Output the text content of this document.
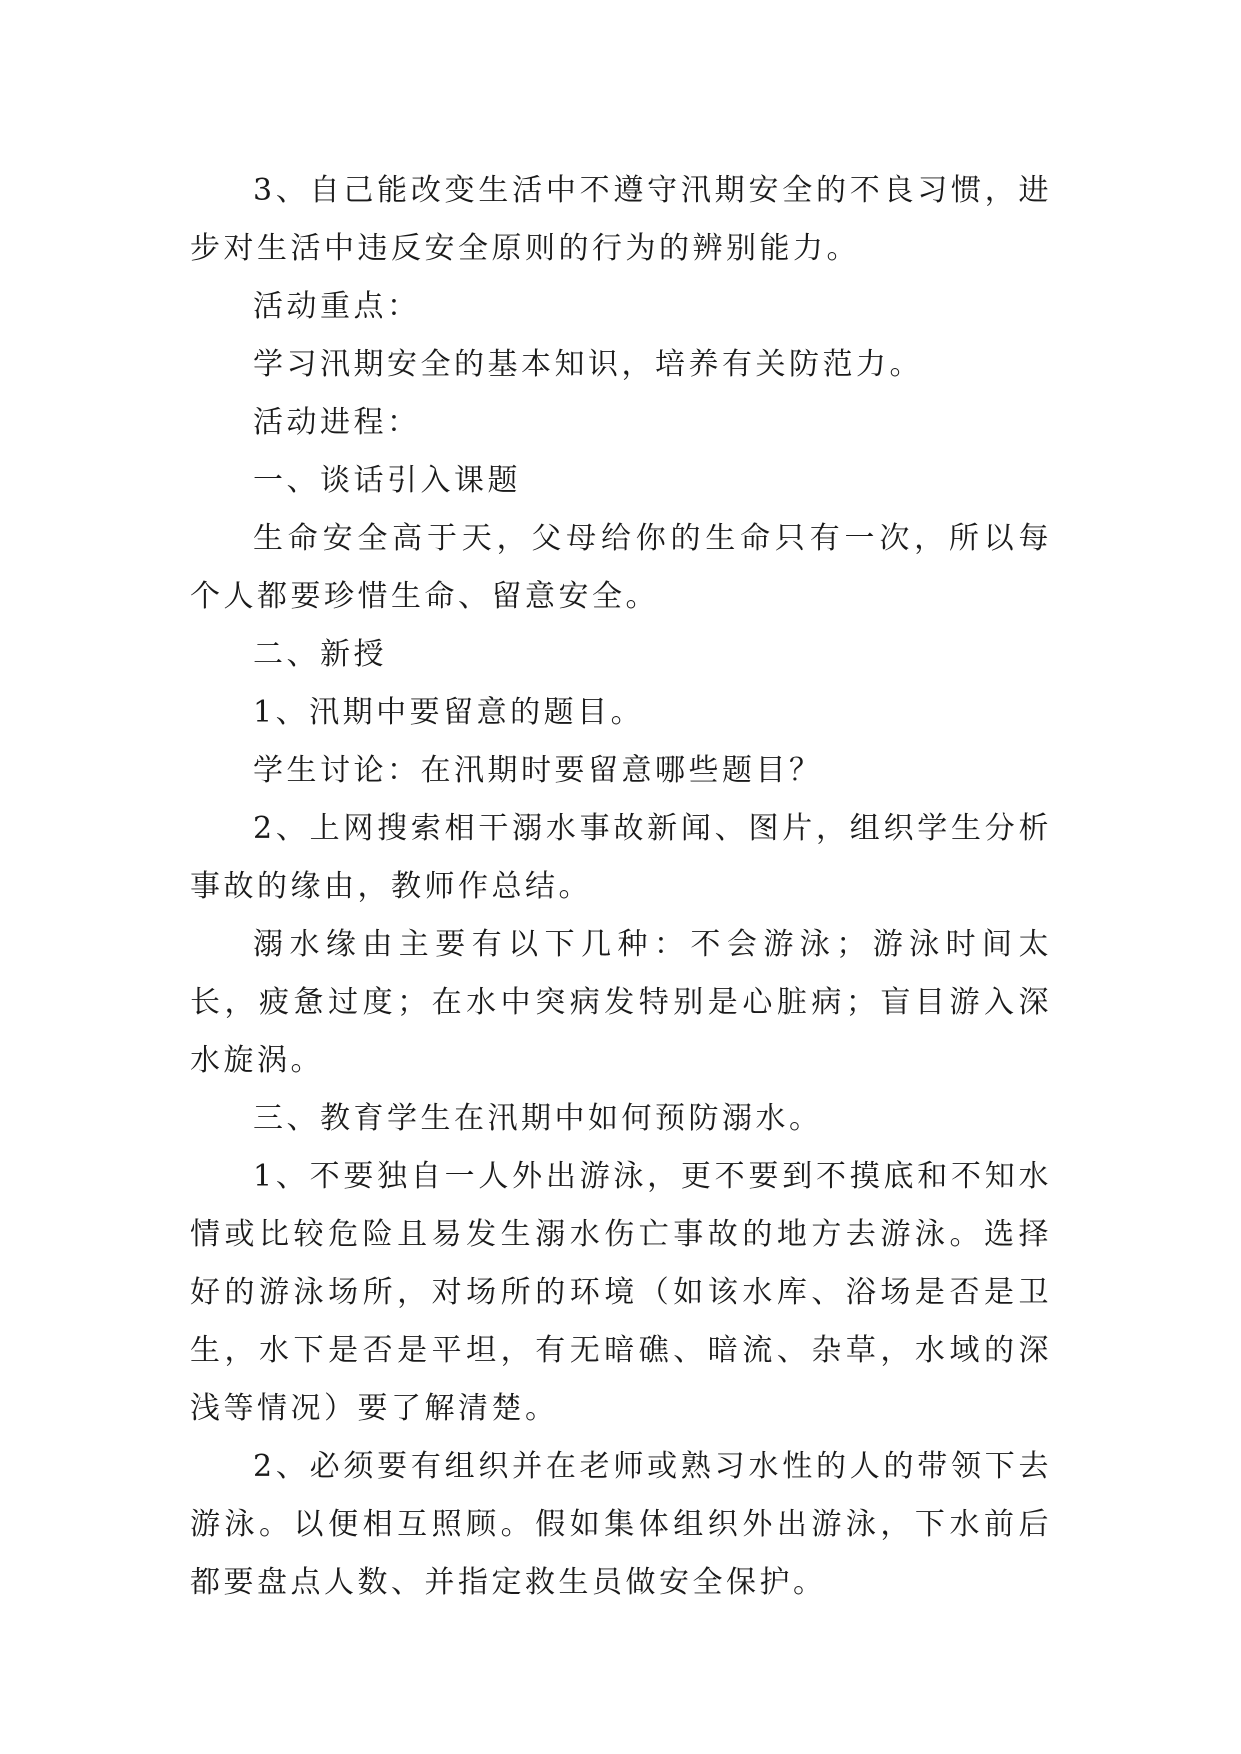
3、自己能改变生活中不遵守汛期安全的不良习惯，进步对生活中违反安全原则的行为的辨别能力。

活动重点：

学习汛期安全的基本知识，培养有关防范力。

活动进程：

一、谈话引入课题

生命安全高于天，父母给你的生命只有一次，所以每个人都要珍惜生命、留意安全。

二、新授

1、汛期中要留意的题目。

学生讨论：在汛期时要留意哪些题目？

2、上网搜索相干溺水事故新闻、图片，组织学生分析事故的缘由，教师作总结。

溺水缘由主要有以下几种：不会游泳；游泳时间太长，疲惫过度；在水中突病发特别是心脏病；盲目游入深水旋涡。

三、教育学生在汛期中如何预防溺水。

1、不要独自一人外出游泳，更不要到不摸底和不知水情或比较危险且易发生溺水伤亡事故的地方去游泳。选择好的游泳场所，对场所的环境（如该水库、浴场是否是卫生，水下是否是平坦，有无暗礁、暗流、杂草，水域的深浅等情况）要了解清楚。

2、必须要有组织并在老师或熟习水性的人的带领下去游泳。以便相互照顾。假如集体组织外出游泳，下水前后都要盘点人数、并指定救生员做安全保护。
